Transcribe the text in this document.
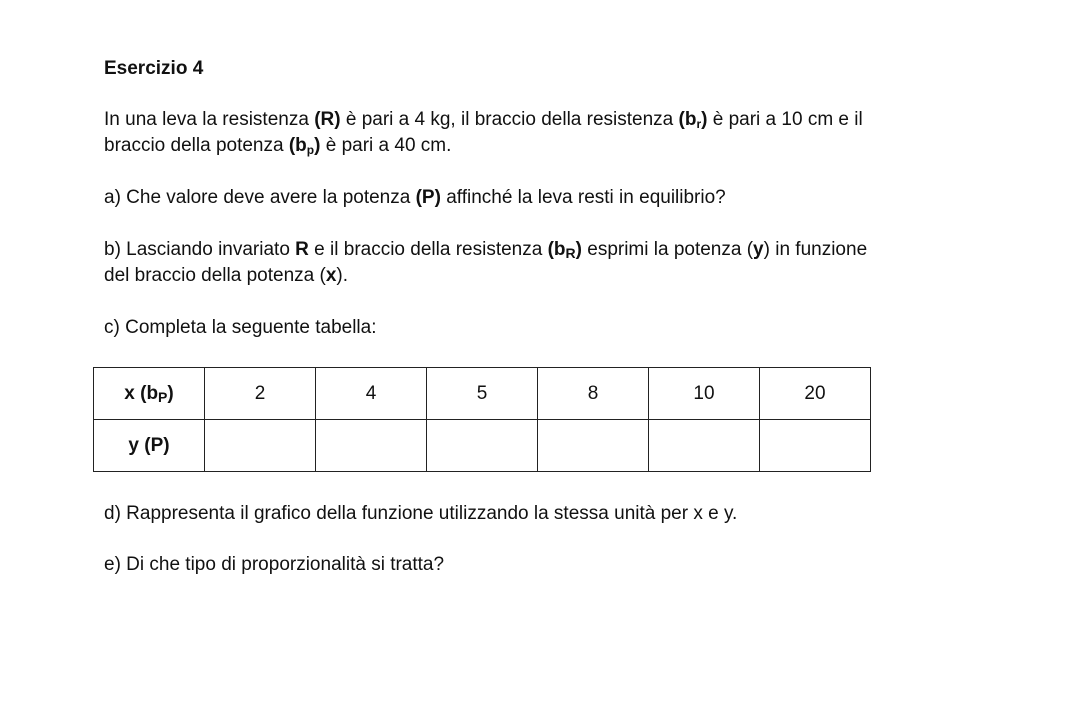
Esercizio 4
In una leva la resistenza (R) è pari a 4 kg, il braccio della resistenza $(b_r)$ è pari a 10 cm e il
braccio della potenza $(b_p)$ è pari a 40 cm.
a) Che valore deve avere la potenza (P) affinché la leva resti in equilibrio?
b) Lasciando invariato R e il braccio della resistenza $(b_R)$ esprimi la potenza (y) in funzione
del braccio della potenza (x).
c) Completa la seguente tabella:
d) Rappresenta il grafico della funzione utilizzando la stessa unità per x e y.
e) Di che tipo di proporzionalità si tratta?
x $(b_P)$	2	4	5	8	10	20
y (P)						
